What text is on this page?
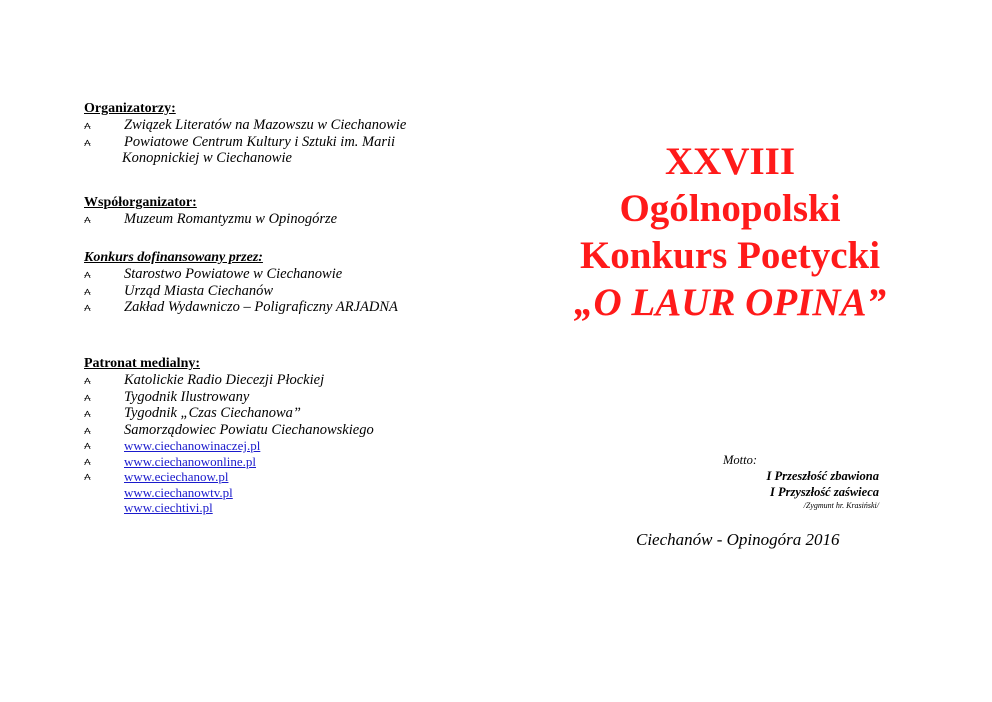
Organizatorzy:

⩜ Związek Literatów na Mazowszu w Ciechanowie
⩜ Powiatowe Centrum Kultury i Sztuki im. Marii
Konopnickiej w Ciechanowie

Współorganizator:

⩜ Muzeum Romantyzmu w Opinogórze

Konkurs dofinansowany przez:

⩜ Starostwo Powiatowe w Ciechanowie
⩜ Urząd Miasta Ciechanów
⩜ Zakład Wydawniczo – Poligraficzny ARJADNA

Patronat medialny:

⩜ Katolickie Radio Diecezji Płockiej
⩜ Tygodnik Ilustrowany
⩜ Tygodnik „Czas Ciechanowa”
⩜ Samorządowiec Powiatu Ciechanowskiego
⩜	www.ciechanowinaczej.pl
⩜	www.ciechanowonline.pl
⩜	www.eciechanow.pl
www.ciechanowtv.pl
www.ciechtivi.pl
XXVIII
Ogólnopolski
Konkurs Poetycki
„O LAUR OPINA”
Motto:
I Przeszłość zbawiona
I Przyszłość zaświeca
/Zygmunt hr. Krasiński/
Ciechanów - Opinogóra 2016
